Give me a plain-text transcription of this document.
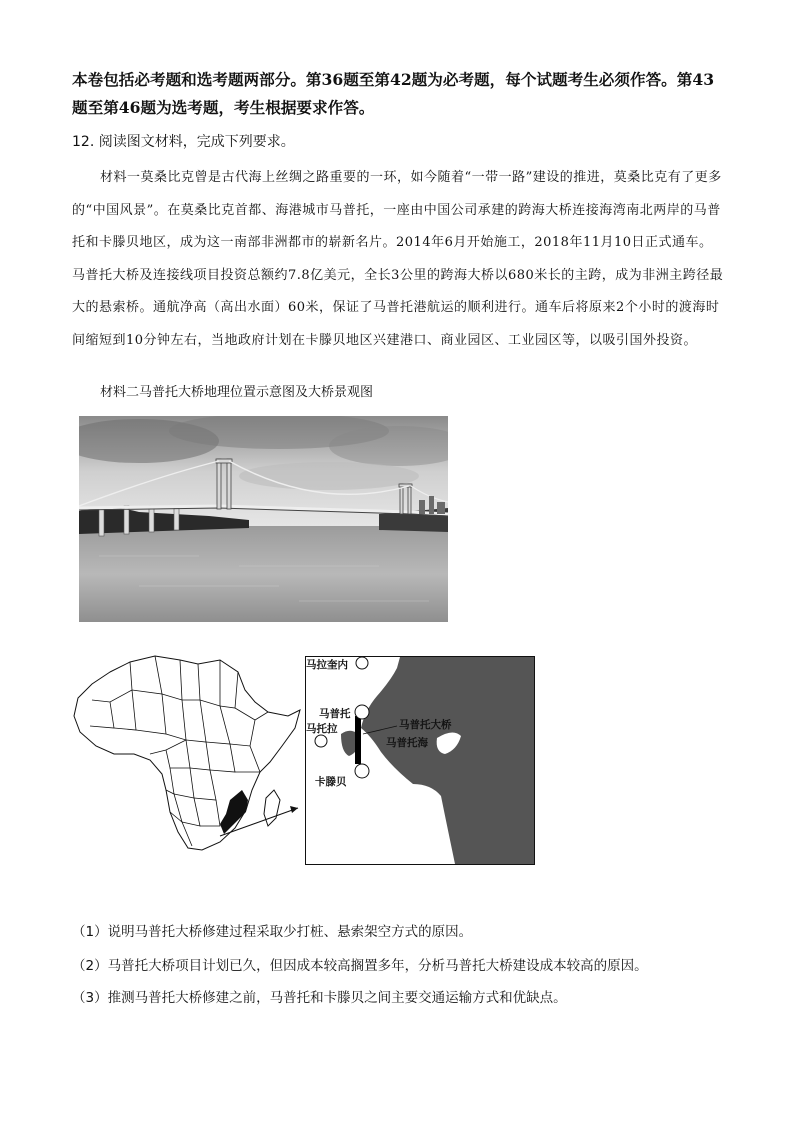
本卷包括必考题和选考题两部分。第36题至第42题为必考题，每个试题考生必须作答。第43题至第46题为选考题，考生根据要求作答。
12. 阅读图文材料，完成下列要求。

材料一莫桑比克曾是古代海上丝绸之路重要的一环，如今随着“一带一路”建设的推进，莫桑比克有了更多的“中国风景”。在莫桑比克首都、海港城市马普托，一座由中国公司承建的跨海大桥连接海湾南北两岸的马普托和卡滕贝地区，成为这一南部非洲都市的崭新名片。2014年6月开始施工，2018年11月10日正式通车。马普托大桥及连接线项目投资总额约7.8亿美元，全长3公里的跨海大桥以680米长的主跨，成为非洲主跨径最大的悬索桥。通航净高（高出水面）60米，保证了马普托港航运的顺利进行。通车后将原来2个小时的渡海时间缩短到10分钟左右，当地政府计划在卡滕贝地区兴建港口、商业园区、工业园区等，以吸引国外投资。

材料二马普托大桥地理位置示意图及大桥景观图
马拉奎内
马普托
马托拉	马普托大桥
马普托海
卡滕贝
（1）说明马普托大桥修建过程采取少打桩、悬索架空方式的原因。
（2）马普托大桥项目计划已久，但因成本较高搁置多年，分析马普托大桥建设成本较高的原因。
（3）推测马普托大桥修建之前，马普托和卡滕贝之间主要交通运输方式和优缺点。
